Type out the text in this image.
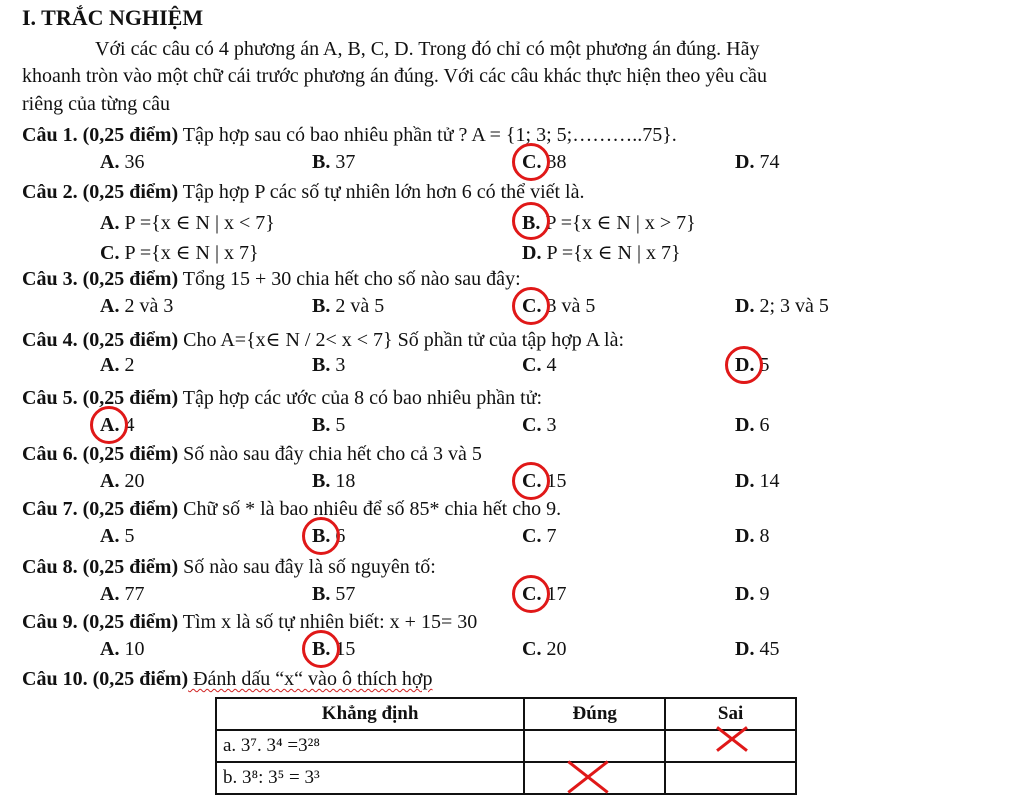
I. TRẮC NGHIỆM
Với các câu có 4 phương án A, B, C, D. Trong đó chỉ có một phương án đúng. Hãy
khoanh tròn vào một chữ cái trước phương án đúng. Với các câu khác thực hiện theo yêu cầu
riêng của từng câu
Câu 1. (0,25 điểm) Tập hợp sau có bao nhiêu phần tử ? A = {1; 3; 5;………..75}.
A. 36	B. 37	C. 38	D. 74
Câu 2. (0,25 điểm) Tập hợp P các số tự nhiên lớn hơn 6 có thể viết là.
A. P ={x ∈ N | x < 7}	B. P ={x ∈ N | x > 7}
C. P ={x ∈ N | x 7}	D. P ={x ∈ N | x 7}
Câu 3. (0,25 điểm) Tổng 15 + 30 chia hết cho số nào sau đây:
A. 2 và 3	B. 2 và 5	C. 3 và 5	D. 2; 3 và 5
Câu 4. (0,25 điểm) Cho A={x∈ N / 2< x < 7} Số phần tử của tập hợp A là:
A. 2	B. 3	C. 4	D. 5
Câu 5. (0,25 điểm) Tập hợp các ước của 8 có bao nhiêu phần tử:
A. 4	B. 5	C. 3	D. 6
Câu 6. (0,25 điểm) Số nào sau đây chia hết cho cả 3 và 5
A. 20	B. 18	C. 15	D. 14
Câu 7. (0,25 điểm) Chữ số * là bao nhiêu để số 85* chia hết cho 9.
A. 5	B. 6	C. 7	D. 8
Câu 8. (0,25 điểm) Số nào sau đây là số nguyên tố:
A. 77	B. 57	C. 17	D. 9
Câu 9. (0,25 điểm) Tìm x là số tự nhiên biết: x + 15= 30
A. 10	B. 15	C. 20	D. 45
Câu 10. (0,25 điểm) Đánh dấu “x“ vào ô thích hợp
Khẳng định	Đúng	Sai
a. 3⁷. 3⁴ =3²⁸		
b. 3⁸: 3⁵ = 3³		
